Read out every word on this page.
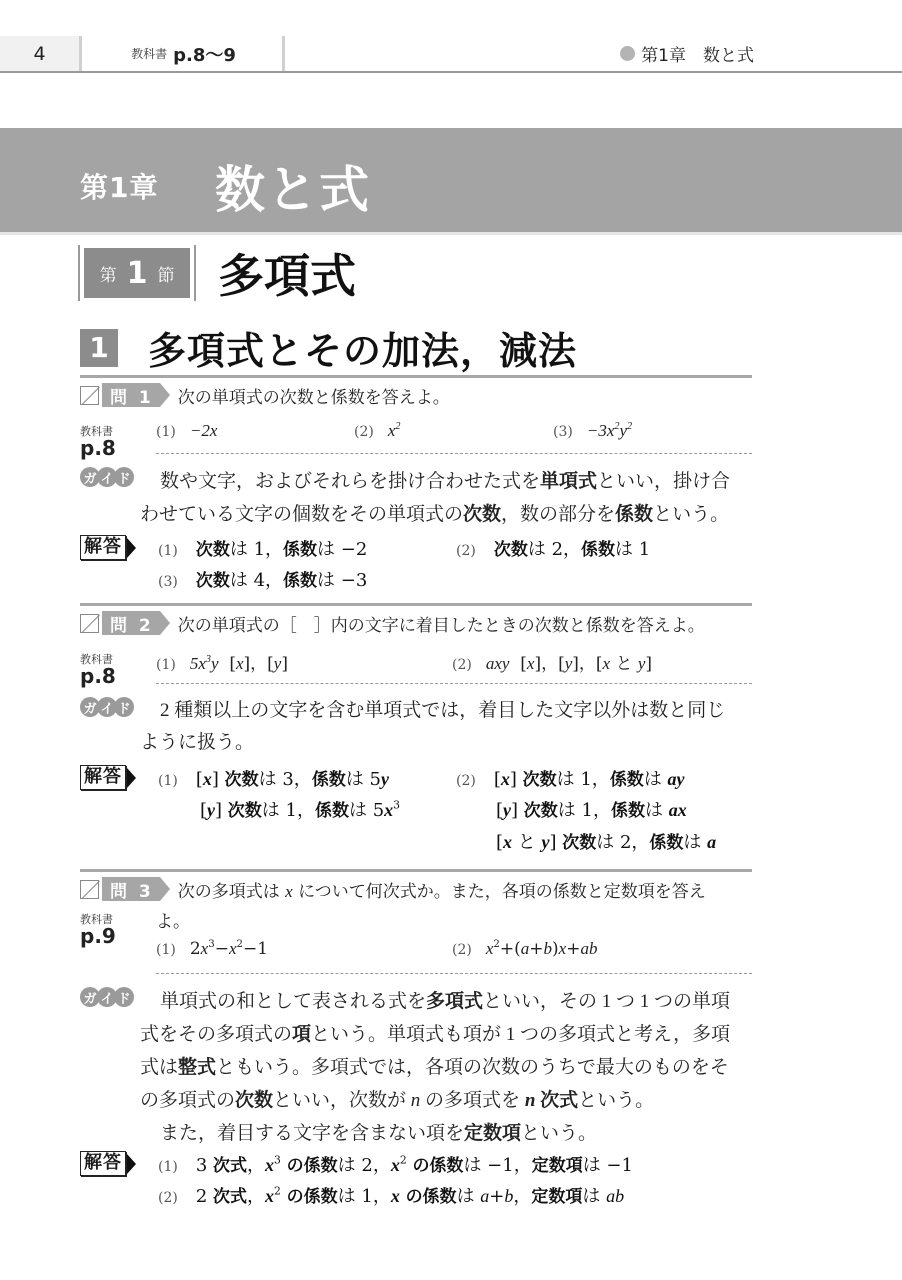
4	教科書 p.8〜9	第1章　数と式
第1章 数と式
第 1 節 多項式
1 多項式とその加法，減法
問 1	次の単項式の次数と係数を答えよ。
教科書
p.8
(1) −2x	(2) $x^2$	$(3) -3x^2y^2$
ガ イ ド	数や文字，およびそれらを掛け合わせた式を単項式といい，掛け合

わせている文字の個数をその単項式の次数，数の部分を係数という。

解答	(1) 次数は 1，係数は −2	(2) 次数は 2，係数は 1
(3) 次数は 4，係数は −3
問 2	次の単項式の［　］内の文字に着目したときの次数と係数を答えよ。
教科書
p.8	(1) $5x^3y$  [x]，[y]	(2) axy  [x]，[y]，[x と y]
ガ イ ド	2 種類以上の文字を含む単項式では，着目した文字以外は数と同じ

ように扱う。

解答	(1) [x] 次数は 3，係数は 5y
[y] 次数は 1，係数は $5x^3$
(2) [x] 次数は 1，係数は ay
[y] 次数は 1，係数は ax
[x と y] 次数は 2，係数は a
問 3	次の多項式は x について何次式か。また，各項の係数と定数項を答え
よ。
教科書
p.9
(1) $2x^3-x^2-1$	(2) $x^2+(a+b)x+ab$
ガ イ ド	単項式の和として表される式を多項式といい，その 1 つ 1 つの単項

式をその多項式の項という。単項式も項が 1 つの多項式と考え，多項

式は整式ともいう。多項式では，各項の次数のうちで最大のものをそ

の多項式の次数といい，次数が n の多項式を n 次式という。

また，着目する文字を含まない項を定数項という。

解答	(1) 3 次式，$x^3$ の係数は 2，$x^2$ の係数は −1，定数項は −1
(2) 2 次式，$x^2$ の係数は 1，x の係数は a+b，定数項は ab
